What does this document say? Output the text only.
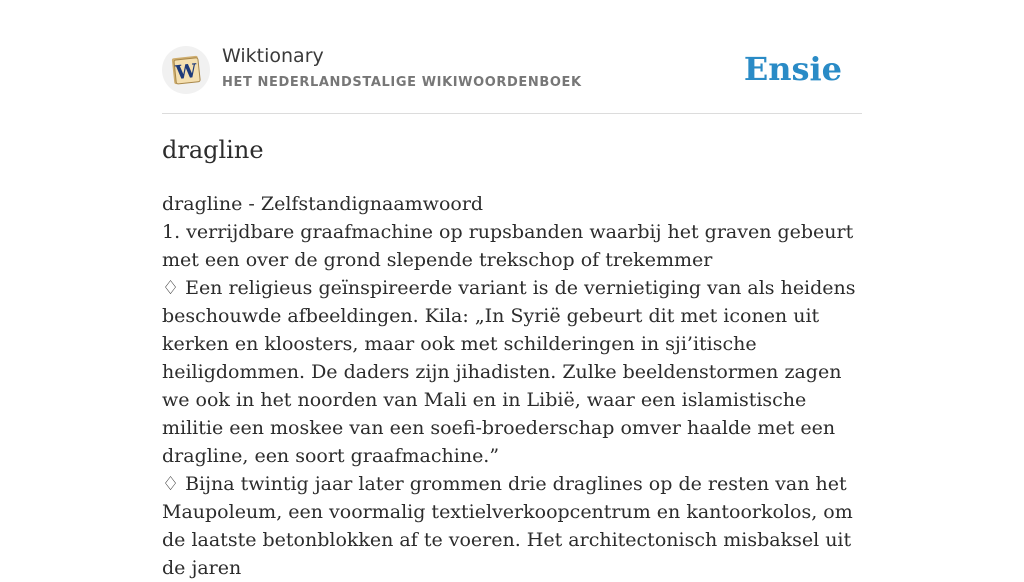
W
Wiktionary
HET NEDERLANDSTALIGE WIKIWOORDENBOEK	Ensie
dragline

dragline - Zelfstandignaamwoord

1. verrijdbare graafmachine op rupsbanden waarbij het graven gebeurt met een over de grond slepende trekschop of trekemmer

♢ Een religieus geïnspireerde variant is de vernietiging van als heidens beschouwde afbeeldingen. Kila: „In Syrië gebeurt dit met iconen uit kerken en kloosters, maar ook met schilderingen in sji’itische heiligdommen. De daders zijn jihadisten. Zulke beeldenstormen zagen we ook in het noorden van Mali en in Libië, waar een islamistische militie een moskee van een soefi-broederschap omver haalde met een dragline, een soort graafmachine.”

♢ Bijna twintig jaar later grommen drie draglines op de resten van het Maupoleum, een voormalig textielverkoopcentrum en kantoorkolos, om de laatste betonblokken af te voeren. Het architectonisch misbaksel uit de jaren
